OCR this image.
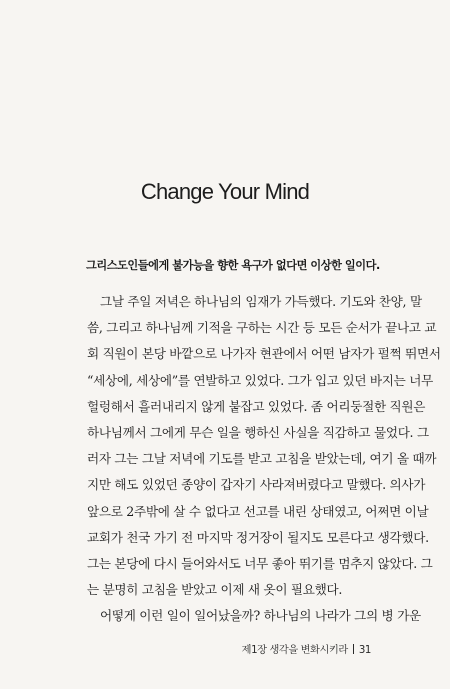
Change Your Mind
그리스도인들에게 불가능을 향한 욕구가 없다면 이상한 일이다.
그날 주일 저녁은 하나님의 임재가 가득했다. 기도와 찬양, 말
씀, 그리고 하나님께 기적을 구하는 시간 등 모든 순서가 끝나고 교
회 직원이 본당 바깥으로 나가자 현관에서 어떤 남자가 펄쩍 뛰면서
“세상에, 세상에”를 연발하고 있었다. 그가 입고 있던 바지는 너무
헐렁해서 흘러내리지 않게 붙잡고 있었다. 좀 어리둥절한 직원은
하나님께서 그에게 무슨 일을 행하신 사실을 직감하고 물었다. 그
러자 그는 그날 저녁에 기도를 받고 고침을 받았는데, 여기 올 때까
지만 해도 있었던 종양이 갑자기 사라져버렸다고 말했다. 의사가
앞으로 2주밖에 살 수 없다고 선고를 내린 상태였고, 어쩌면 이날
교회가 천국 가기 전 마지막 정거장이 될지도 모른다고 생각했다.
그는 본당에 다시 들어와서도 너무 좋아 뛰기를 멈추지 않았다. 그
는 분명히 고침을 받았고 이제 새 옷이 필요했다.
어떻게 이런 일이 일어났을까? 하나님의 나라가 그의 병 가운
제1장 생각을 변화시키라 31
